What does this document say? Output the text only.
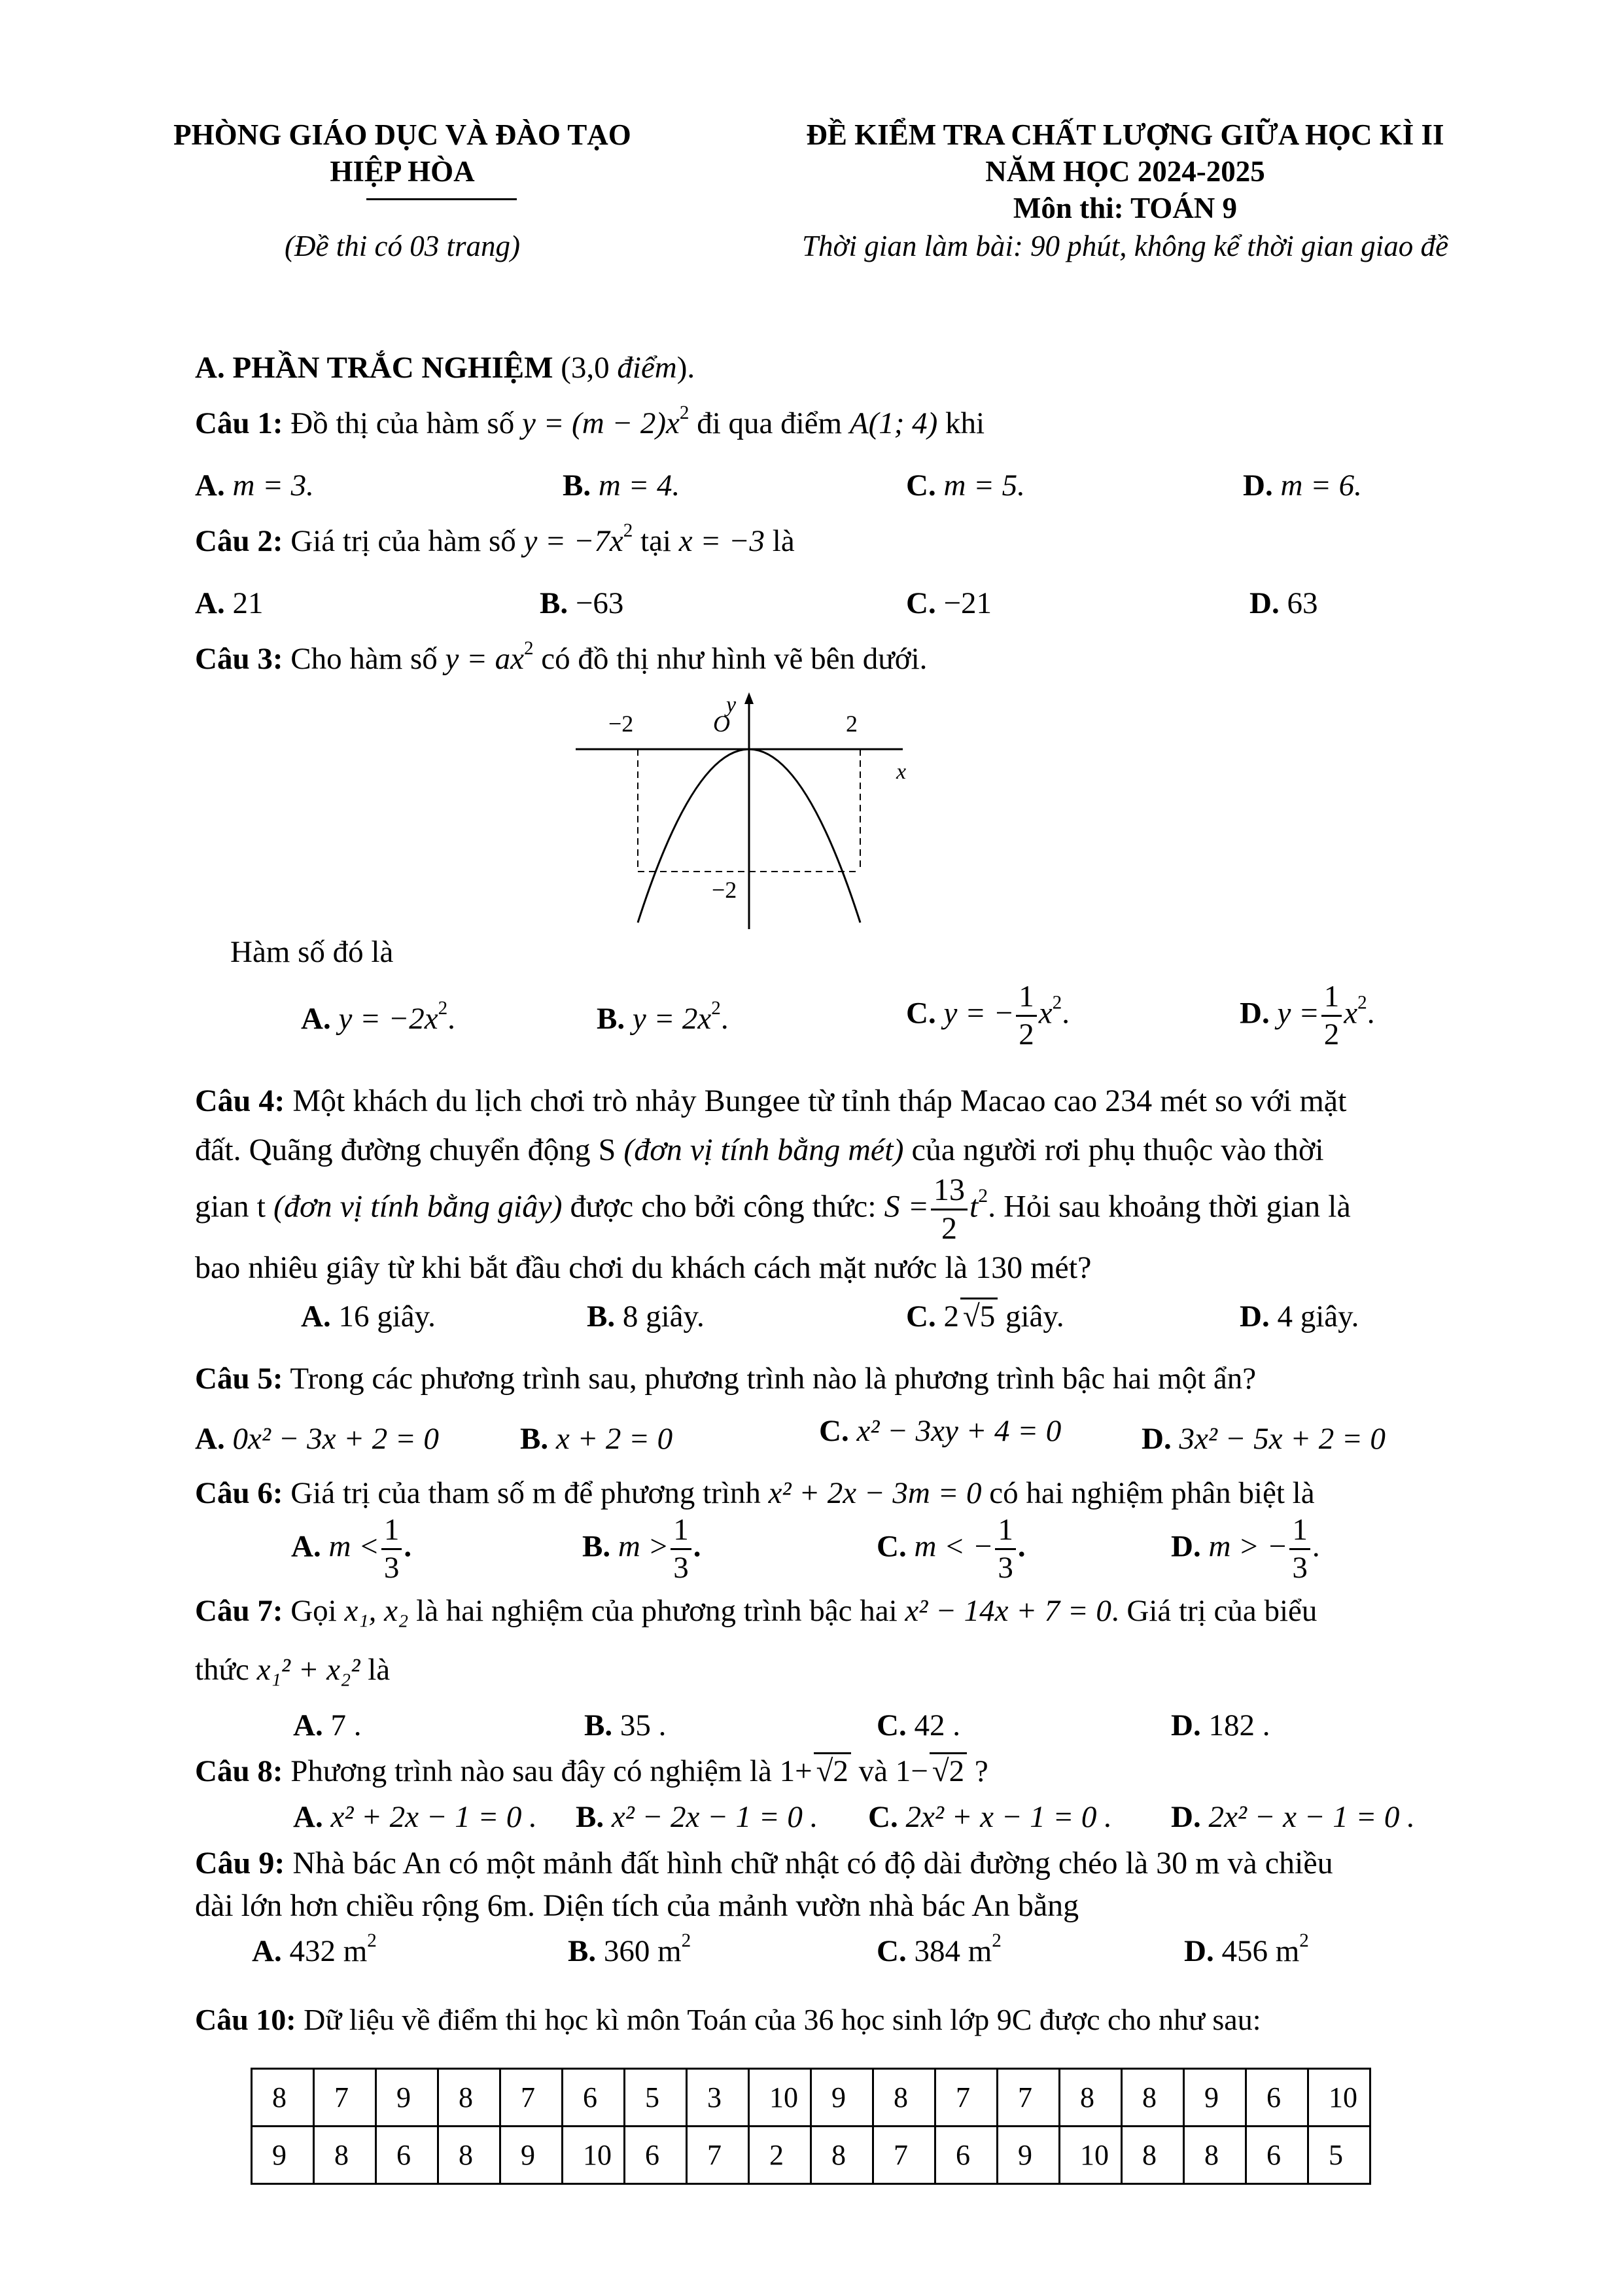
PHÒNG GIÁO DỤC VÀ ĐÀO TẠO
HIỆP HÒA
(Đề thi có 03 trang)
ĐỀ KIỂM TRA CHẤT LƯỢNG GIỮA HỌC KÌ II
NĂM HỌC 2024-2025
Môn thi: TOÁN 9
Thời gian làm bài: 90 phút, không kể thời gian giao đề
A. PHẦN TRẮC NGHIỆM (3,0 điểm).
Câu 1: Đồ thị của hàm số $y = (m - 2)x^2$ đi qua điểm A(1; 4) khi
A. m = 3.	B. m = 4.	C. m = 5.	D. m = 6.
Câu 2: Giá trị của hàm số $y = -7x^2$ tại x = −3 là
A. 21	B. −63	C. −21	D. 63
Câu 3: Cho hàm số $y = ax^2$ có đồ thị như hình vẽ bên dưới.
−2	O	2
x
y
−2
Hàm số đó là
A. $y = -2x^2$.	B. $y = 2x^2$.	C. y = − $\frac{1}{2} x^2$.	D. $y = \frac{1}{2} x^2$.
Câu 4: Một khách du lịch chơi trò nhảy Bungee từ tỉnh tháp Macao cao 234 mét so với mặt
đất. Quãng đường chuyển động S (đơn vị tính bằng mét) của người rơi phụ thuộc vào thời
gian t (đơn vị tính bằng giây) được cho bởi công thức: $S = \frac{13}{2} t^2$. Hỏi sau khoảng thời gian là
bao nhiêu giây từ khi bắt đầu chơi du khách cách mặt nước là 130 mét?
A. 16 giây.	B. 8 giây.	C. 2 √5 giây.	D. 4 giây.
Câu 5: Trong các phương trình sau, phương trình nào là phương trình bậc hai một ẩn?
A. 0x² − 3x + 2 = 0	B. x + 2 = 0	C. x² − 3xy + 4 = 0	D. 3x² − 5x + 2 = 0
Câu 6: Giá trị của tham số m để phương trình x² + 2x − 3m = 0 có hai nghiệm phân biệt là
A. $m < \frac{1}{3}$ .	B. $m > \frac{1}{3}$ .	C. m < − $\frac{1}{3}$ .	D. m > − $\frac{1}{3}$ .
Câu 7: Gọi x₁, x₂ là hai nghiệm của phương trình bậc hai x² − 14x + 7 = 0. Giá trị của biểu
thức x₁² + x₂² là
A. 7 .	B. 35 .	C. 42 .	D. 182 .
Câu 8: Phương trình nào sau đây có nghiệm là 1+ √2 và 1− √2 ?
A. x² + 2x − 1 = 0 . B. x² − 2x − 1 = 0 . C. 2x² + x − 1 = 0 . D. 2x² − x − 1 = 0 .
Câu 9: Nhà bác An có một mảnh đất hình chữ nhật có độ dài đường chéo là 30 m và chiều
dài lớn hơn chiều rộng 6m. Diện tích của mảnh vườn nhà bác An bằng
A. 432 $m^2$	B. 360 $m^2$	C. 384 $m^2$	D. 456 $m^2$
Câu 10: Dữ liệu về điểm thi học kì môn Toán của 36 học sinh lớp 9C được cho như sau:
8	7	9	8	7	6	5	3	10	9	8	7	7	8	8	9	6	10
9	8	6	8	9	10	6	7	2	8	7	6	9	10	8	8	6	5
